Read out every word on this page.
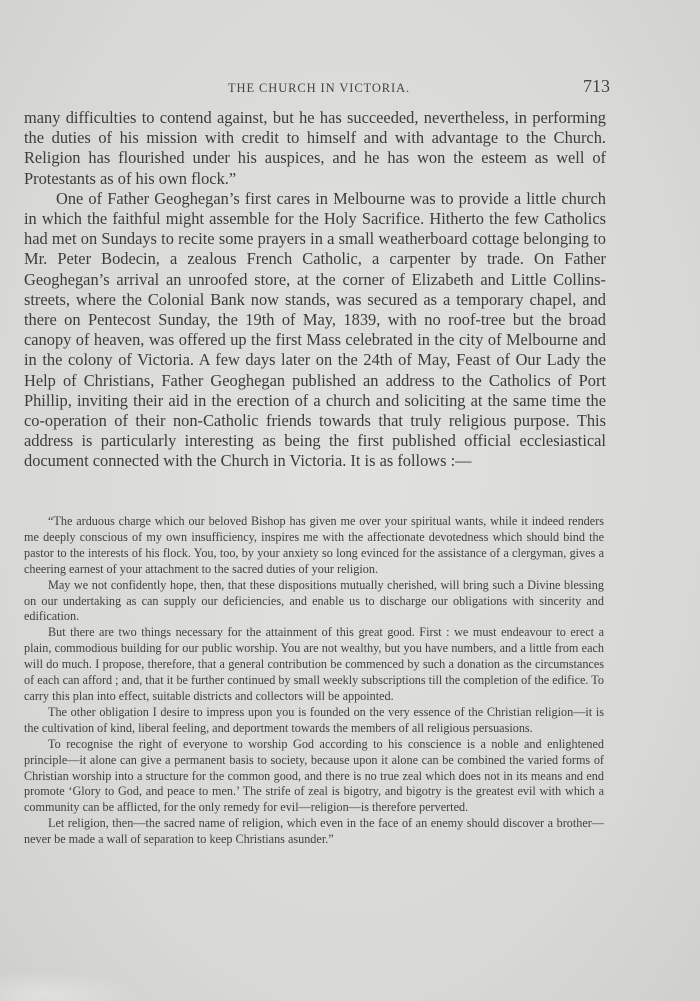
THE CHURCH IN VICTORIA.	713

many difficulties to contend against, but he has succeeded, nevertheless, in performing the duties of his mission with credit to himself and with advantage to the Church. Religion has flourished under his auspices, and he has won the esteem as well of Protestants as of his own flock.”

One of Father Geoghegan’s first cares in Melbourne was to provide a little church in which the faithful might assemble for the Holy Sacrifice. Hitherto the few Catholics had met on Sundays to recite some prayers in a small weatherboard cottage belonging to Mr. Peter Bodecin, a zealous French Catholic, a carpenter by trade. On Father Geoghegan’s arrival an unroofed store, at the corner of Elizabeth and Little Collins-streets, where the Colonial Bank now stands, was secured as a temporary chapel, and there on Pentecost Sunday, the 19th of May, 1839, with no roof-tree but the broad canopy of heaven, was offered up the first Mass celebrated in the city of Melbourne and in the colony of Victoria. A few days later on the 24th of May, Feast of Our Lady the Help of Christians, Father Geoghegan published an address to the Catholics of Port Phillip, inviting their aid in the erection of a church and soliciting at the same time the co-operation of their non-Catholic friends towards that truly religious purpose. This address is particularly interesting as being the first published official ecclesiastical document connected with the Church in Victoria. It is as follows :—

“The arduous charge which our beloved Bishop has given me over your spiritual wants, while it indeed renders me deeply conscious of my own insufficiency, inspires me with the affectionate devotedness which should bind the pastor to the interests of his flock. You, too, by your anxiety so long evinced for the assistance of a clergyman, gives a cheering earnest of your attachment to the sacred duties of your religion.

May we not confidently hope, then, that these dispositions mutually cherished, will bring such a Divine blessing on our undertaking as can supply our deficiencies, and enable us to discharge our obligations with sincerity and edification.

But there are two things necessary for the attainment of this great good. First : we must endeavour to erect a plain, commodious building for our public worship. You are not wealthy, but you have numbers, and a little from each will do much. I propose, therefore, that a general contribution be commenced by such a donation as the circumstances of each can afford ; and, that it be further continued by small weekly subscriptions till the completion of the edifice. To carry this plan into effect, suitable districts and collectors will be appointed.

The other obligation I desire to impress upon you is founded on the very essence of the Christian religion—it is the cultivation of kind, liberal feeling, and deportment towards the members of all religious persuasions.

To recognise the right of everyone to worship God according to his conscience is a noble and enlightened principle—it alone can give a permanent basis to society, because upon it alone can be combined the varied forms of Christian worship into a structure for the common good, and there is no true zeal which does not in its means and end promote ‘Glory to God, and peace to men.’ The strife of zeal is bigotry, and bigotry is the greatest evil with which a community can be afflicted, for the only remedy for evil—religion—is therefore perverted.

Let religion, then—the sacred name of religion, which even in the face of an enemy should discover a brother—never be made a wall of separation to keep Christians asunder.”
